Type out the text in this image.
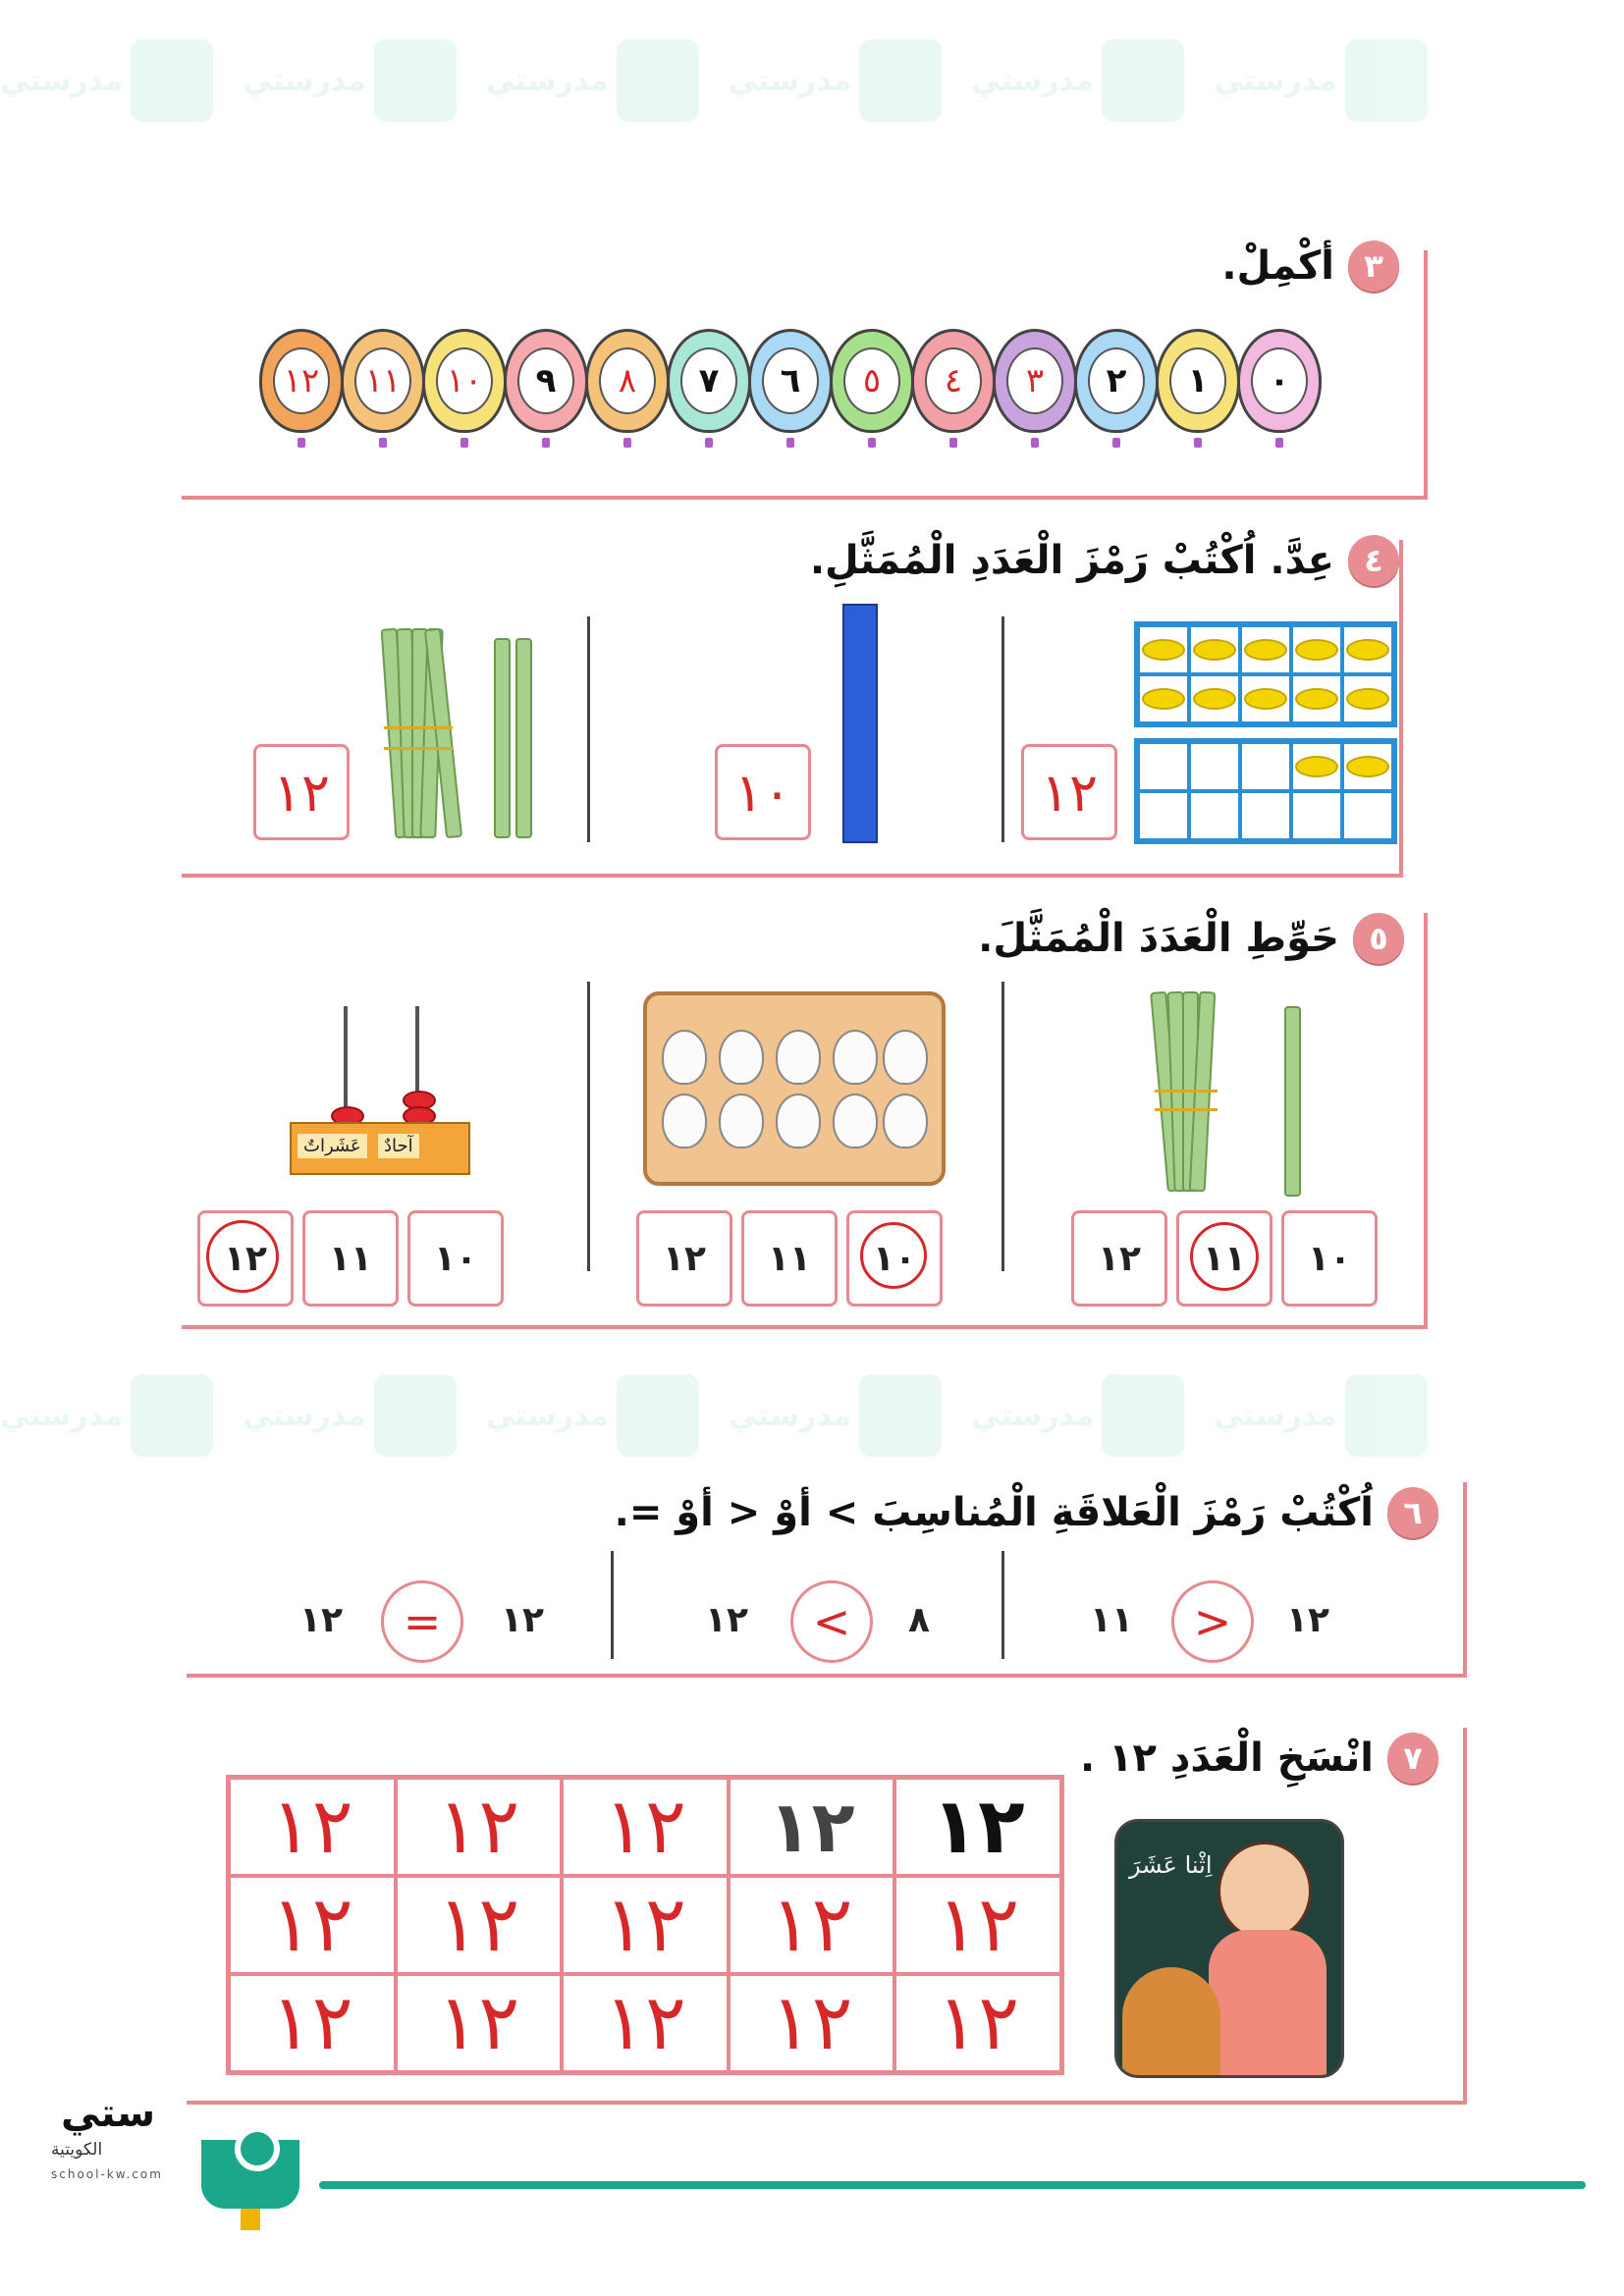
مدرستي	مدرستي	مدرستي	مدرستي	مدرستي	مدرستي
مدرستي	مدرستي	مدرستي	مدرستي	مدرستي	مدرستي
٣
أكْمِلْ.
٠
١
٢
٣
٤
٥
٦
٧
٨
٩
١٠
١١
١٢
٤
عِدَّ. اُكْتُبْ رَمْزَ الْعَدَدِ الْمُمَثَّلِ.
١٢
١٠
١٢
٥
حَوِّطِ الْعَدَدَ الْمُمَثَّلَ.
عَشَراتٌ	آحادٌ
١٠
١١
١٢
١٠
١١
١٢
١٠
١١
١٢
٦
اُكْتُبْ رَمْزَ الْعَلاقَةِ الْمُناسِبَ > أوْ < أوْ =.
١٢
>
١١
٨
<
١٢
١٢
=
١٢
٧
انْسَخِ الْعَدَدِ ١٢ .
اِثْنا عَشَرَ
١٢	١٢	١٢	١٢	١٢
١٢	١٢	١٢	١٢	١٢
١٢	١٢	١٢	١٢	١٢
ستي
الكويتية
school-kw.com
